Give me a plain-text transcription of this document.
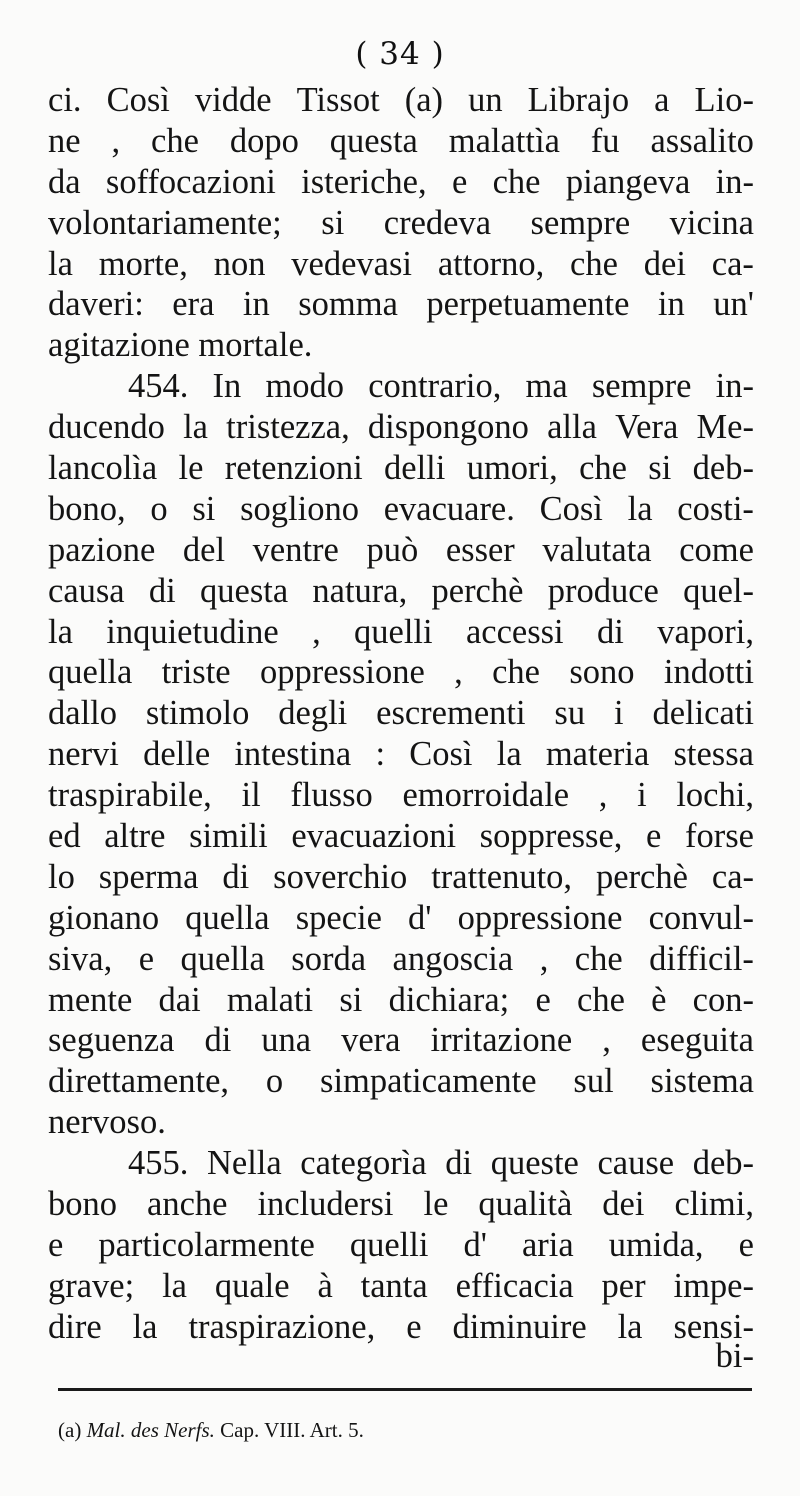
( 34 )
ci. Così vidde Tissot (a) un Librajo a Lio-
ne , che dopo questa malattìa fu assalito
da soffocazioni isteriche, e che piangeva in-
volontariamente; si credeva sempre vicina
la morte, non vedevasi attorno, che dei ca-
daveri: era in somma perpetuamente in un'
agitazione mortale.
454. In modo contrario, ma sempre in-
ducendo la tristezza, dispongono alla Vera Me-
lancolìa le retenzioni delli umori, che si deb-
bono, o si sogliono evacuare. Così la costi-
pazione del ventre può esser valutata come
causa di questa natura, perchè produce quel-
la inquietudine , quelli accessi di vapori,
quella triste oppressione , che sono indotti
dallo stimolo degli escrementi su i delicati
nervi delle intestina : Così la materia stessa
traspirabile, il flusso emorroidale , i lochi,
ed altre simili evacuazioni soppresse, e forse
lo sperma di soverchio trattenuto, perchè ca-
gionano quella specie d' oppressione convul-
siva, e quella sorda angoscia , che difficil-
mente dai malati si dichiara; e che è con-
seguenza di una vera irritazione , eseguita
direttamente, o simpaticamente sul sistema
nervoso.
455. Nella categorìa di queste cause deb-
bono anche includersi le qualità dei climi,
e particolarmente quelli d' aria umida, e
grave; la quale à tanta efficacia per impe-
dire la traspirazione, e diminuire la sensi-
bi-
(a) Mal. des Nerfs. Cap. VIII. Art. 5.
